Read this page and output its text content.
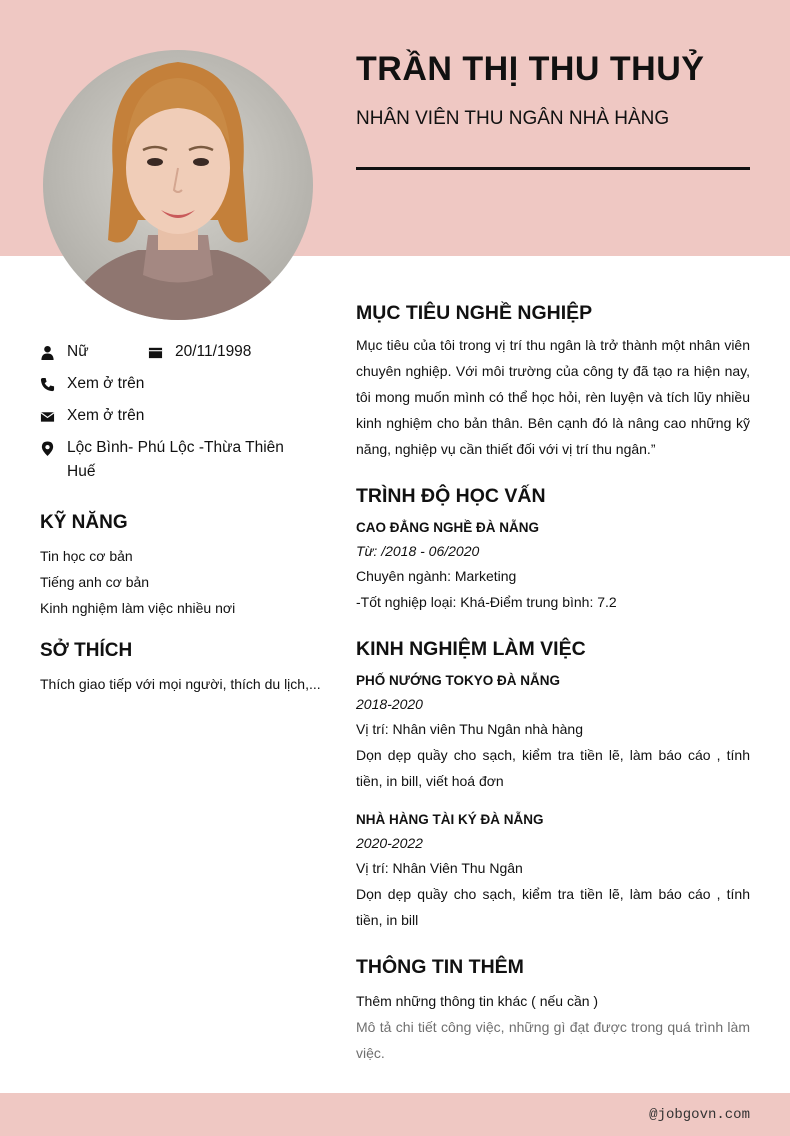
TRẦN THỊ THU THUỶ
NHÂN VIÊN THU NGÂN NHÀ HÀNG
Nữ	20/11/1998
Xem ở trên
Xem ở trên
Lộc Bình- Phú Lộc -Thừa Thiên
Huế
KỸ NĂNG
Tin học cơ bản
Tiếng anh cơ bản
Kinh nghiệm làm việc nhiều nơi
SỞ THÍCH
Thích giao tiếp với mọi người, thích du lịch,...
MỤC TIÊU NGHỀ NGHIỆP
Mục tiêu của tôi trong vị trí thu ngân là trở thành một nhân viên chuyên nghiệp. Với môi trường của công ty đã tạo ra hiện nay, tôi mong muốn mình có thể học hỏi, rèn luyện và tích lũy nhiều kinh nghiệm cho bản thân. Bên cạnh đó là nâng cao những kỹ năng, nghiệp vụ cần thiết đối với vị trí thu ngân.”
TRÌNH ĐỘ HỌC VẤN
CAO ĐẲNG NGHỀ ĐÀ NẴNG
Từ: /2018 - 06/2020
Chuyên ngành: Marketing
-Tốt nghiệp loại: Khá-Điểm trung bình: 7.2
KINH NGHIỆM LÀM VIỆC
PHỐ NƯỚNG TOKYO ĐÀ NẴNG
2018-2020
Vị trí: Nhân viên Thu Ngân nhà hàng
Dọn dẹp quầy cho sạch, kiểm tra tiền lẽ, làm báo cáo , tính tiền, in bill, viết hoá đơn
NHÀ HÀNG TÀI KÝ ĐÀ NẴNG
2020-2022
Vị trí: Nhân Viên Thu Ngân
Dọn dẹp quầy cho sạch, kiểm tra tiền lẽ, làm báo cáo , tính tiền, in bill
THÔNG TIN THÊM
Thêm những thông tin khác ( nếu cần )
Mô tả chi tiết công việc, những gì đạt được trong quá trình làm việc.
@jobgovn.com
